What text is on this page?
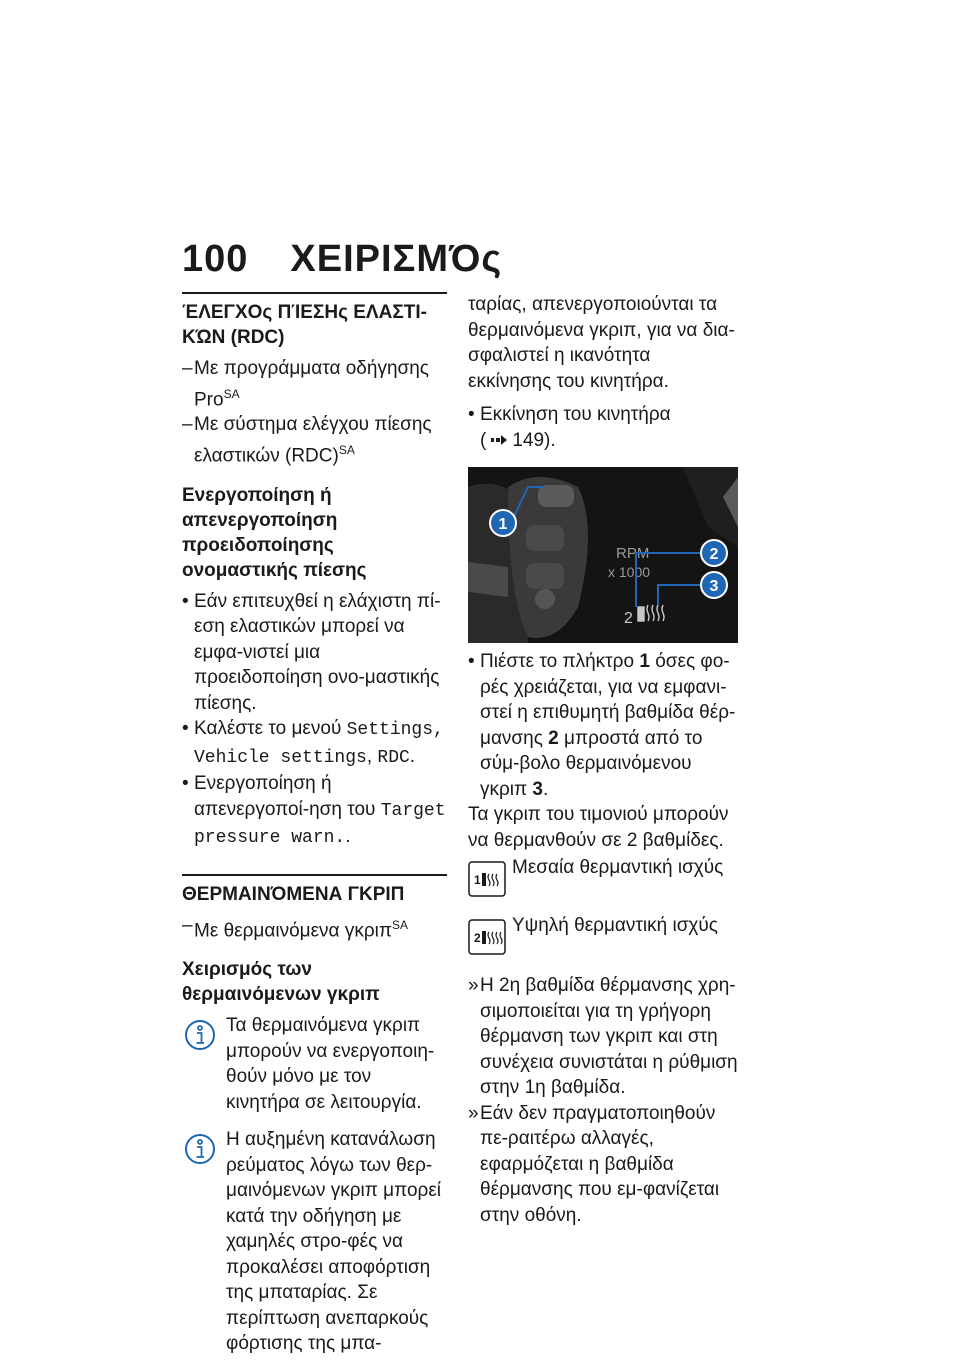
100 ΧΕΙΡΙΣΜΌς
ΈΛΕΓΧΟς ΠΊΕΣΗς ΕΛΑΣΤΙ-ΚΏΝ (RDC)
– Με προγράμματα οδήγησης Pro$^{SA}$
– Με σύστημα ελέγχου πίεσης ελαστικών (RDC)$^{SA}$
Ενεργοποίηση ή απενεργοποίηση προειδοποίησης ονομαστικής πίεσης
• Εάν επιτευχθεί η ελάχιστη πί-εση ελαστικών μπορεί να εμφα-νιστεί μια προειδοποίηση ονο-μαστικής πίεσης.
• Καλέστε το μενού Settings, Vehicle settings, RDC.
• Ενεργοποίηση ή απενεργοποί-ηση του Target pressure warn..
ΘΕΡΜΑΙΝΌΜΕΝΑ ΓΚΡΙΠ
– Με θερμαινόμενα γκριπ$^{SA}$
Χειρισμός των θερμαινόμενων γκριπ
Τα θερμαινόμενα γκριπ μπορούν να ενεργοποιη-θούν μόνο με τον κινητήρα σε λειτουργία.
Η αυξημένη κατανάλωση ρεύματος λόγω των θερ-μαινόμενων γκριπ μπορεί κατά την οδήγηση με χαμηλές στρο-φές να προκαλέσει αποφόρτιση της μπαταρίας. Σε περίπτωση ανεπαρκούς φόρτισης της μπα-

ταρίας, απενεργοποιούνται τα θερμαινόμενα γκριπ, για να δια-σφαλιστεί η ικανότητα εκκίνησης του κινητήρα.

• Εκκίνηση του κινητήρα
( 149).
RPM
x 1000
2
1
2
3
• Πιέστε το πλήκτρο 1 όσες φο-ρές χρειάζεται, για να εμφανι-στεί η επιθυμητή βαθμίδα θέρ-μανσης 2 μπροστά από το σύμ-βολο θερμαινόμενου γκριπ 3.

Τα γκριπ του τιμονιού μπορούν να θερμανθούν σε 2 βαθμίδες.

1
Μεσαία θερμαντική ισχύς
2
Υψηλή θερμαντική ισχύς
» Η 2η βαθμίδα θέρμανσης χρη-σιμοποιείται για τη γρήγορη θέρμανση των γκριπ και στη συνέχεια συνιστάται η ρύθμιση στην 1η βαθμίδα.
» Εάν δεν πραγματοποιηθούν πε-ραιτέρω αλλαγές, εφαρμόζεται η βαθμίδα θέρμανσης που εμ-φανίζεται στην οθόνη.
